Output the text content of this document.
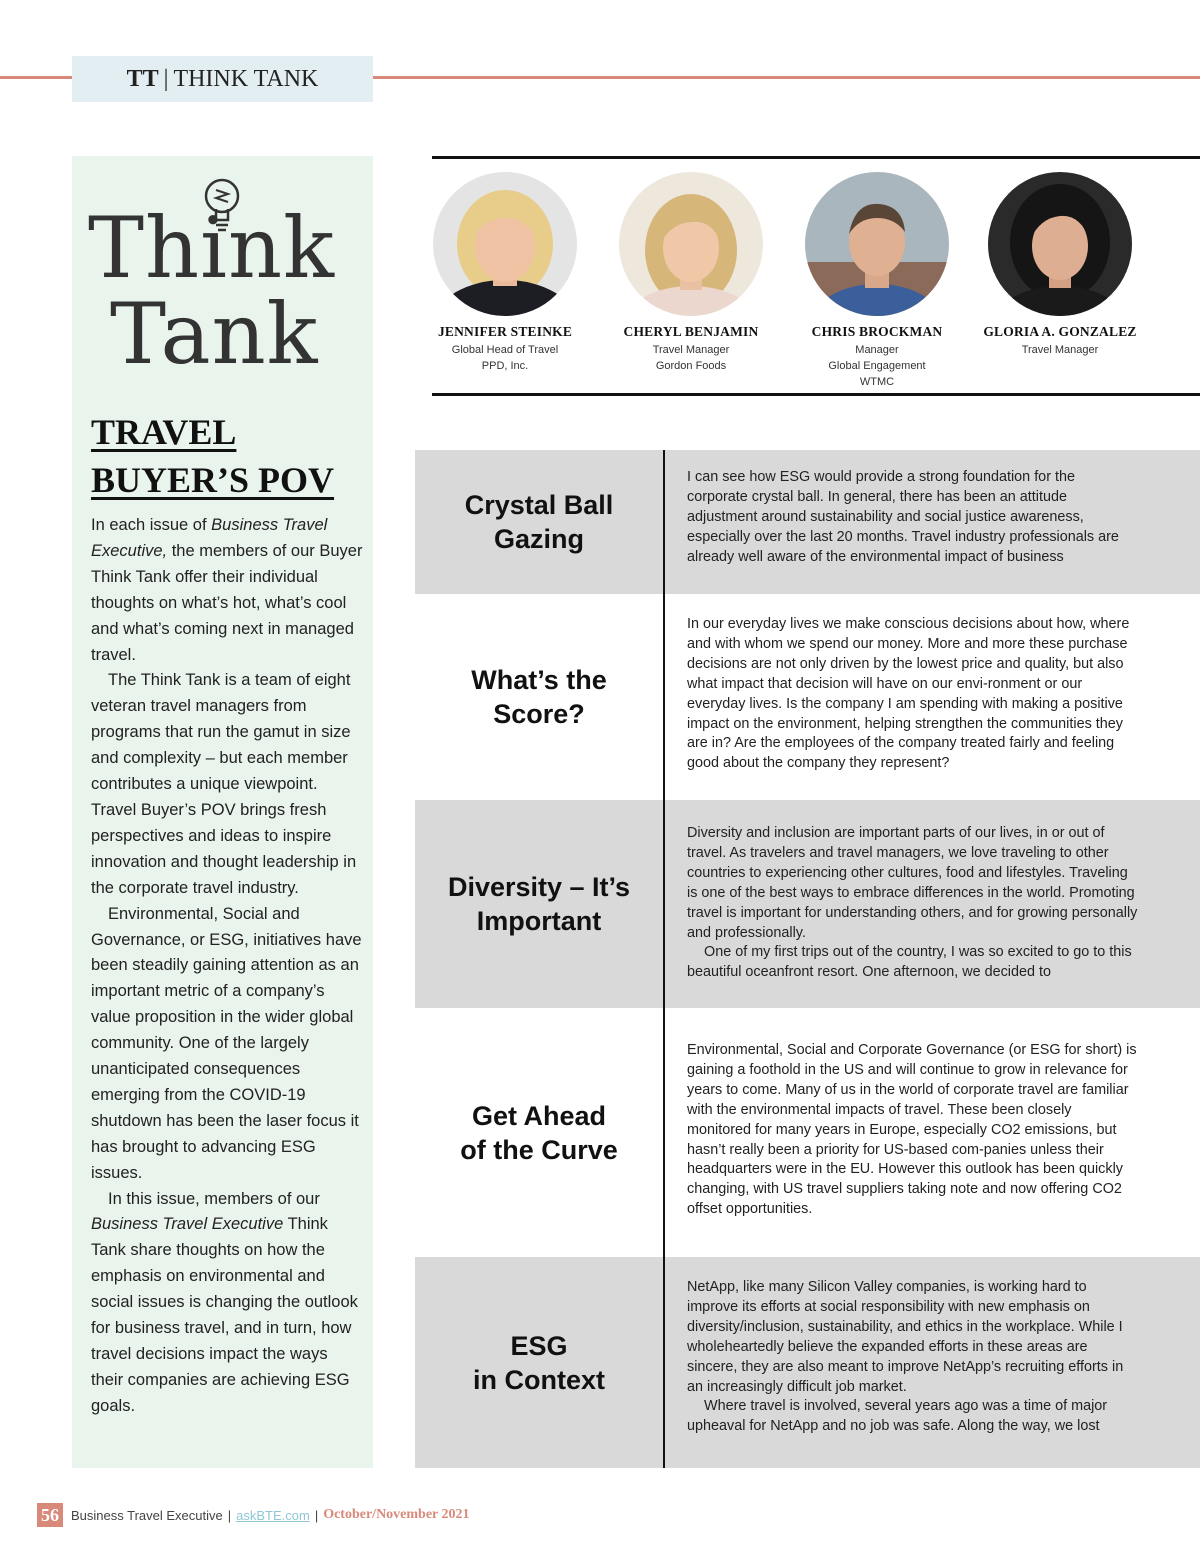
TT | THINK TANK
Think
Tank
TRAVEL
BUYER’S POV

In each issue of Business Travel Executive, the members of our Buyer Think Tank offer their individual thoughts on what’s hot, what’s cool and what’s coming next in managed travel.

The Think Tank is a team of eight veteran travel managers from programs that run the gamut in size and complexity – but each member contributes a unique viewpoint. Travel Buyer’s POV brings fresh perspectives and ideas to inspire innovation and thought leadership in the corporate travel industry.

Environmental, Social and Governance, or ESG, initiatives have been steadily gaining attention as an important metric of a company’s value proposition in the wider global community. One of the largely unanticipated consequences emerging from the COVID-19 shutdown has been the laser focus it has brought to advancing ESG issues.

In this issue, members of our Business Travel Executive Think Tank share thoughts on how the emphasis on environmental and social issues is changing the outlook for business travel, and in turn, how travel decisions impact the ways their companies are achieving ESG goals.

JENNIFER STEINKE
Global Head of Travel
PPD, Inc.
CHERYL BENJAMIN
Travel Manager
Gordon Foods
CHRIS BROCKMAN
Manager
Global Engagement
WTMC
GLORIA A. GONZALEZ
Travel Manager
Crystal Ball
Gazing

I can see how ESG would provide a strong foundation for the corporate crystal ball. In general, there has been an attitude adjustment around sustainability and social justice awareness, especially over the last 20 months. Travel industry professionals are already well aware of the environmental impact of business

What’s the
Score?

In our everyday lives we make conscious decisions about how, where and with whom we spend our money. More and more these purchase decisions are not only driven by the lowest price and quality, but also what impact that decision will have on our envi-ronment or our everyday lives. Is the company I am spending with making a positive impact on the environment, helping strengthen the communities they are in? Are the employees of the company treated fairly and feeling good about the company they represent?

Diversity – It’s
Important

Diversity and inclusion are important parts of our lives, in or out of travel. As travelers and travel managers, we love traveling to other countries to experiencing other cultures, food and lifestyles. Traveling is one of the best ways to embrace differences in the world. Promoting travel is important for understanding others, and for growing personally and professionally.

One of my first trips out of the country, I was so excited to go to this beautiful oceanfront resort. One afternoon, we decided to

Get Ahead
of the Curve

Environmental, Social and Corporate Governance (or ESG for short) is gaining a foothold in the US and will continue to grow in relevance for years to come. Many of us in the world of corporate travel are familiar with the environmental impacts of travel. These been closely monitored for many years in Europe, especially CO2 emissions, but hasn’t really been a priority for US-based com-panies unless their headquarters were in the EU. However this outlook has been quickly changing, with US travel suppliers taking note and now offering CO2 offset opportunities.

ESG
in Context

NetApp, like many Silicon Valley companies, is working hard to improve its efforts at social responsibility with new emphasis on diversity/inclusion, sustainability, and ethics in the workplace. While I wholeheartedly believe the expanded efforts in these areas are sincere, they are also meant to improve NetApp’s recruiting efforts in an increasingly difficult job market.

Where travel is involved, several years ago was a time of major upheaval for NetApp and no job was safe. Along the way, we lost

56 Business Travel Executive | askBTE.com | October/November 2021
